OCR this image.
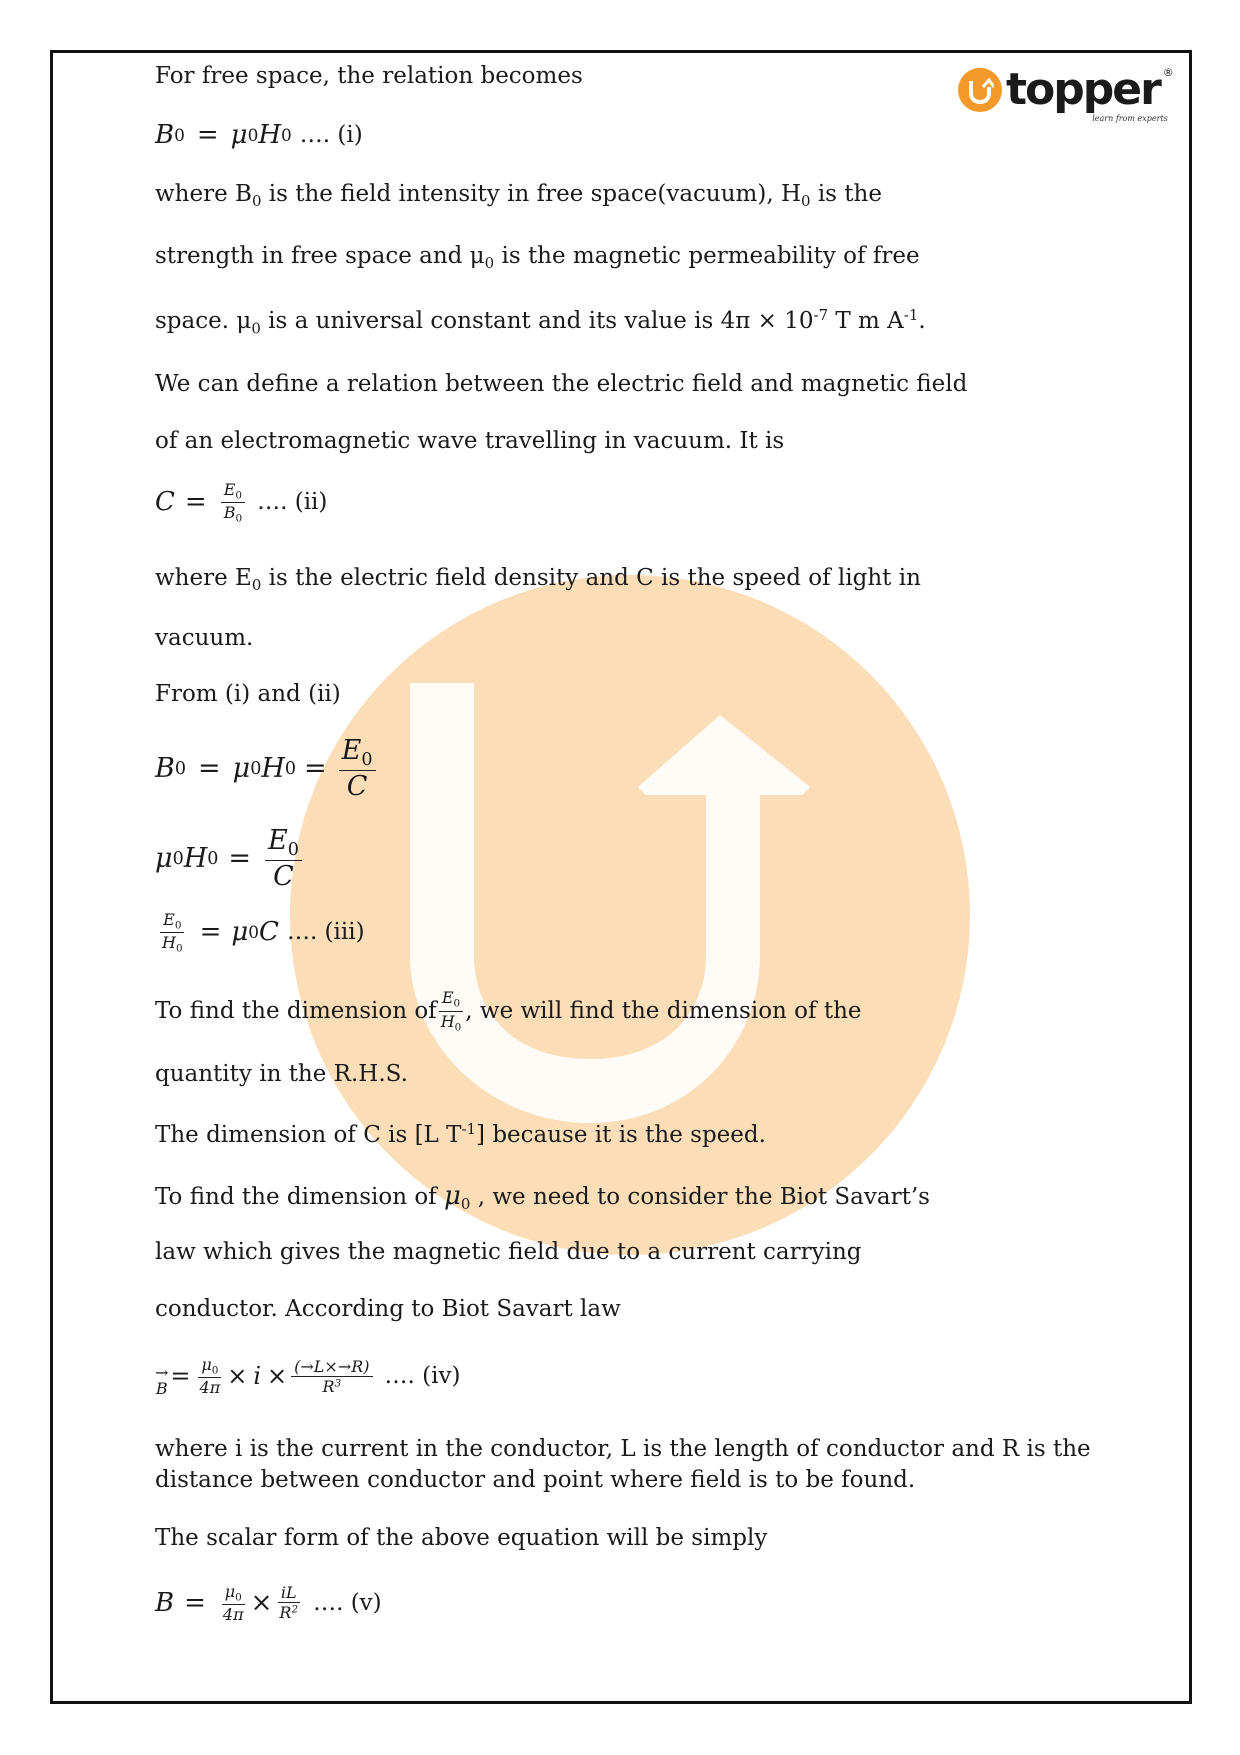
topper ®
learn from experts
For free space, the relation becomes
B 0 = μ 0 H 0 …. (i)
where $B_0$ is the field intensity in free space(vacuum), $H_0$ is the
strength in free space and $\mu_0$ is the magnetic permeability of free
space. $\mu_0$ is a universal constant and its value is $4\pi \times 10^{-7}$ T m $A^{-1}$.
We can define a relation between the electric field and magnetic field
of an electromagnetic wave travelling in vacuum. It is
$C = \frac{E_0}{B_0}$ …. (ii)
where $E_0$ is the electric field density and C is the speed of light in
vacuum.
From (i) and (ii)
B 0 = μ 0 H $0 = \frac{E_0}{C}$
μ 0 H $0 = \frac{E_0}{C}$
$\frac{E_0}{H_0} = \mu$ 0 C …. (iii)
To find the dimension of $\frac{E_0}{H_0}$ , we will find the dimension of the
quantity in the R.H.S.
The dimension of C is [L $T^{-1}$] because it is the speed.
To find the dimension of $\mu_0$ , we need to consider the Biot Savart’s
law which gives the magnetic field due to a current carrying
conductor. According to Biot Savart law
→
$B = \frac{\mu_0}{4\pi} \times i \times \frac{(\to L\times\to R)}{R^3}$ …. (iv)
where i is the current in the conductor, L is the length of conductor and R is the
distance between conductor and point where field is to be found.
The scalar form of the above equation will be simply
$B = \frac{\mu_0}{4\pi} \times \frac{iL}{R^2}$ …. (v)
